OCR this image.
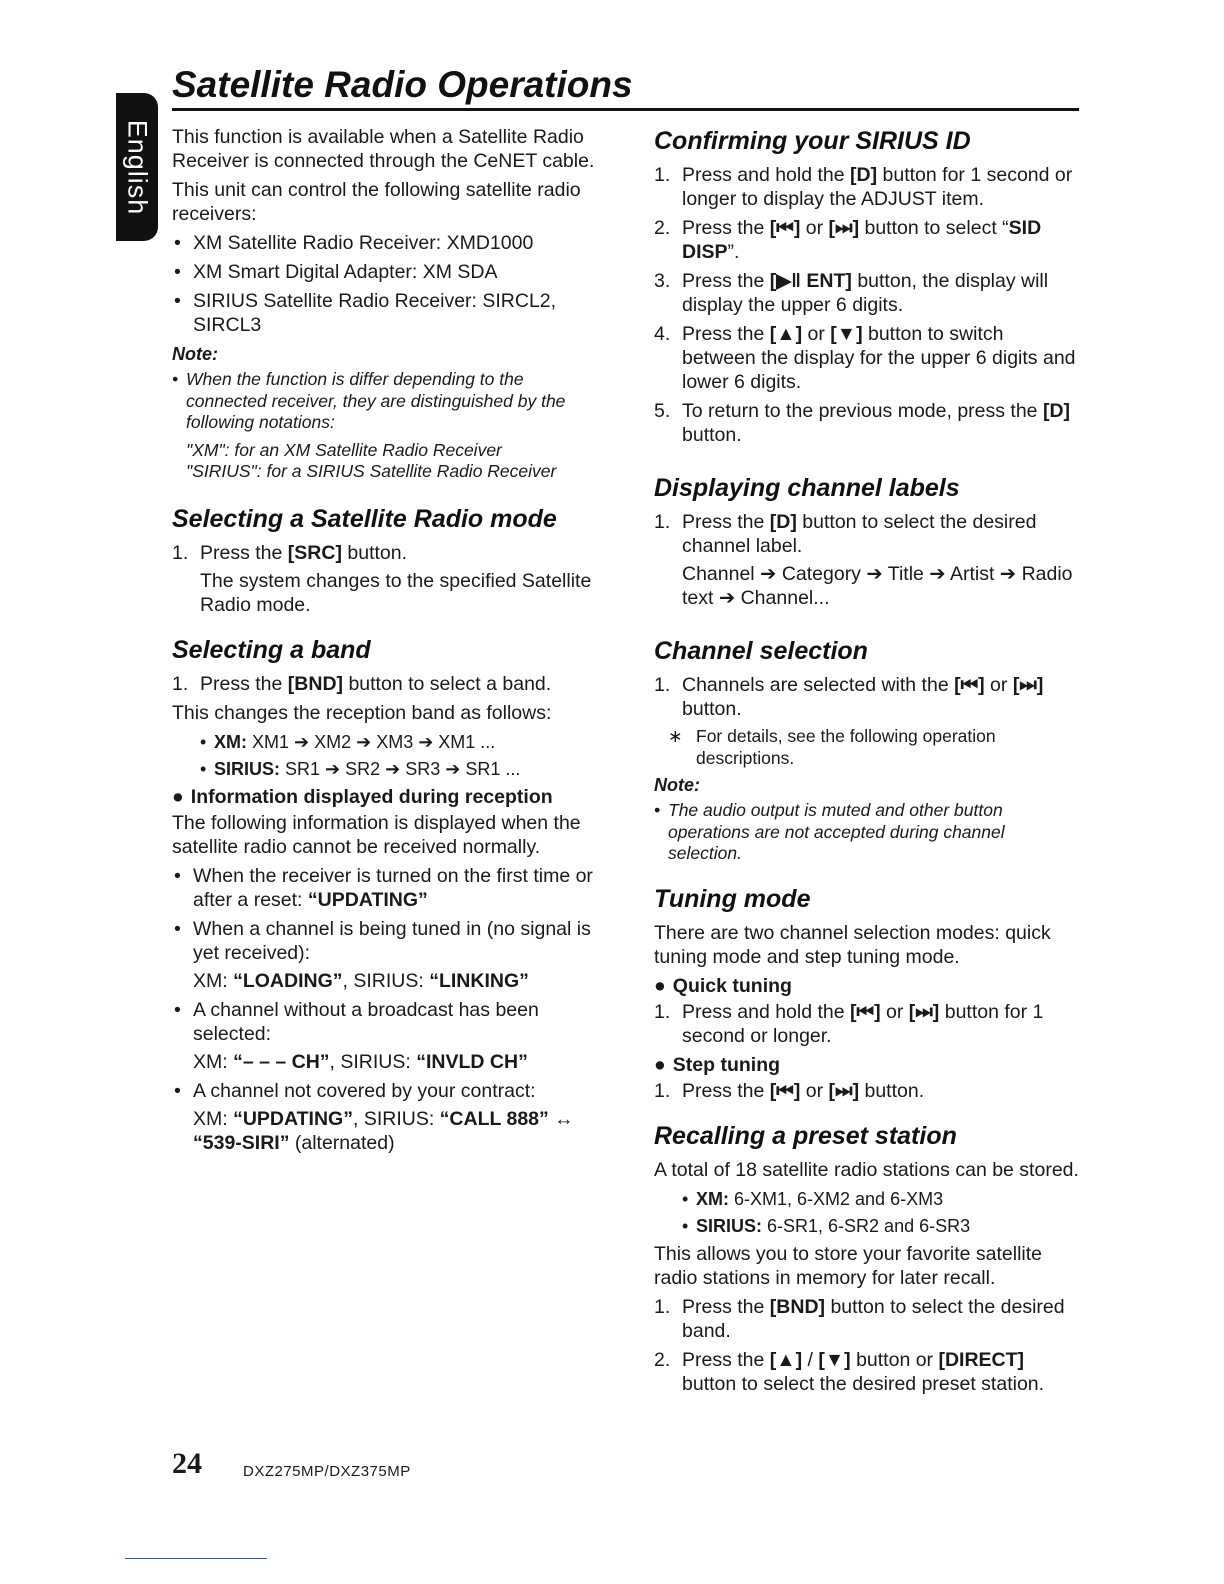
English
Satellite Radio Operations

This function is available when a Satellite Radio Receiver is connected through the CeNET cable.

This unit can control the following satellite radio receivers:

• XM Satellite Radio Receiver: XMD1000
• XM Smart Digital Adapter: XM SDA
• SIRIUS Satellite Radio Receiver: SIRCL2, SIRCL3
Note:

• When the function is differ depending to the connected receiver, they are distinguished by the following notations:

"XM": for an XM Satellite Radio Receiver

"SIRIUS": for a SIRIUS Satellite Radio Receiver

Selecting a Satellite Radio mode
1. Press the [SRC] button.

The system changes to the specified Satellite Radio mode.

Selecting a band
1. Press the [BND] button to select a band.

This changes the reception band as follows:

• XM: XM1 ➔ XM2 ➔ XM3 ➔ XM1 ...
• SIRIUS: SR1 ➔ SR2 ➔ SR3 ➔ SR1 ...
● Information displayed during reception

The following information is displayed when the satellite radio cannot be received normally.

• When the receiver is turned on the first time or after a reset: “UPDATING”
• When a channel is being tuned in (no signal is yet received):

XM: “LOADING”, SIRIUS: “LINKING”

• A channel without a broadcast has been selected:

XM: “– – – CH”, SIRIUS: “INVLD CH”

• A channel not covered by your contract:

XM: “UPDATING”, SIRIUS: “CALL 888” ↔ “539-SIRI” (alternated)

Confirming your SIRIUS ID
1. Press and hold the [D] button for 1 second or longer to display the ADJUST item.
2. Press the [⏮] or [⏭] button to select “SID DISP”.
3. Press the [▶‖ ENT] button, the display will display the upper 6 digits.
4. Press the [▲] or [▼] button to switch between the display for the upper 6 digits and lower 6 digits.
5. To return to the previous mode, press the [D] button.
Displaying channel labels
1. Press the [D] button to select the desired channel label.

Channel ➔ Category ➔ Title ➔ Artist ➔ Radio text ➔ Channel...

Channel selection
1. Channels are selected with the [⏮] or [⏭] button.

∗ For details, see the following operation descriptions.

Note:

• The audio output is muted and other button operations are not accepted during channel selection.

Tuning mode

There are two channel selection modes: quick tuning mode and step tuning mode.

● Quick tuning
1. Press and hold the [⏮] or [⏭] button for 1 second or longer.
● Step tuning
1. Press the [⏮] or [⏭] button.
Recalling a preset station

A total of 18 satellite radio stations can be stored.

• XM: 6-XM1, 6-XM2 and 6-XM3
• SIRIUS: 6-SR1, 6-SR2 and 6-SR3

This allows you to store your favorite satellite radio stations in memory for later recall.

1. Press the [BND] button to select the desired band.
2. Press the [▲] / [▼] button or [DIRECT] button to select the desired preset station.
24	DXZ275MP/DXZ375MP
